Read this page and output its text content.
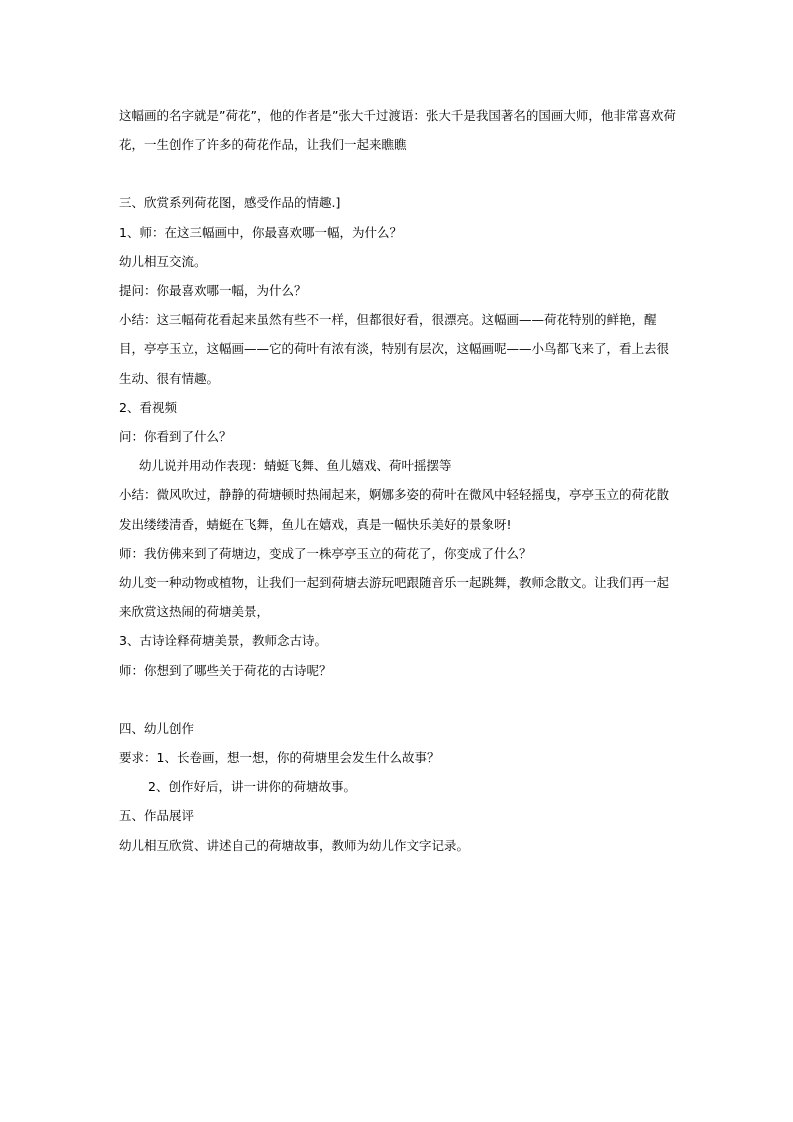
这幅画的名字就是”荷花”，他的作者是”张大千过渡语：张大千是我国著名的国画大师，他非常喜欢荷花，一生创作了许多的荷花作品，让我们一起来瞧瞧

三、欣赏系列荷花图，感受作品的情趣.]

1、师：在这三幅画中，你最喜欢哪一幅，为什么？

幼儿相互交流。

提问：你最喜欢哪一幅，为什么？

小结：这三幅荷花看起来虽然有些不一样，但都很好看，很漂亮。这幅画——荷花特别的鲜艳，醒目，亭亭玉立，这幅画——它的荷叶有浓有淡，特别有层次，这幅画呢——小鸟都飞来了，看上去很生动、很有情趣。

2、看视频

问：你看到了什么？

幼儿说并用动作表现：蜻蜓飞舞、鱼儿嬉戏、荷叶摇摆等

小结：微风吹过，静静的荷塘顿时热闹起来，婀娜多姿的荷叶在微风中轻轻摇曳，亭亭玉立的荷花散发出缕缕清香，蜻蜓在飞舞，鱼儿在嬉戏，真是一幅快乐美好的景象呀!

师：我仿佛来到了荷塘边，变成了一株亭亭玉立的荷花了，你变成了什么？

幼儿变一种动物或植物，让我们一起到荷塘去游玩吧跟随音乐一起跳舞，教师念散文。让我们再一起来欣赏这热闹的荷塘美景，

3、古诗诠释荷塘美景，教师念古诗。

师：你想到了哪些关于荷花的古诗呢？

四、幼儿创作

要求：1、长卷画，想一想，你的荷塘里会发生什么故事？

2、创作好后，讲一讲你的荷塘故事。

五、作品展评

幼儿相互欣赏、讲述自己的荷塘故事，教师为幼儿作文字记录。
